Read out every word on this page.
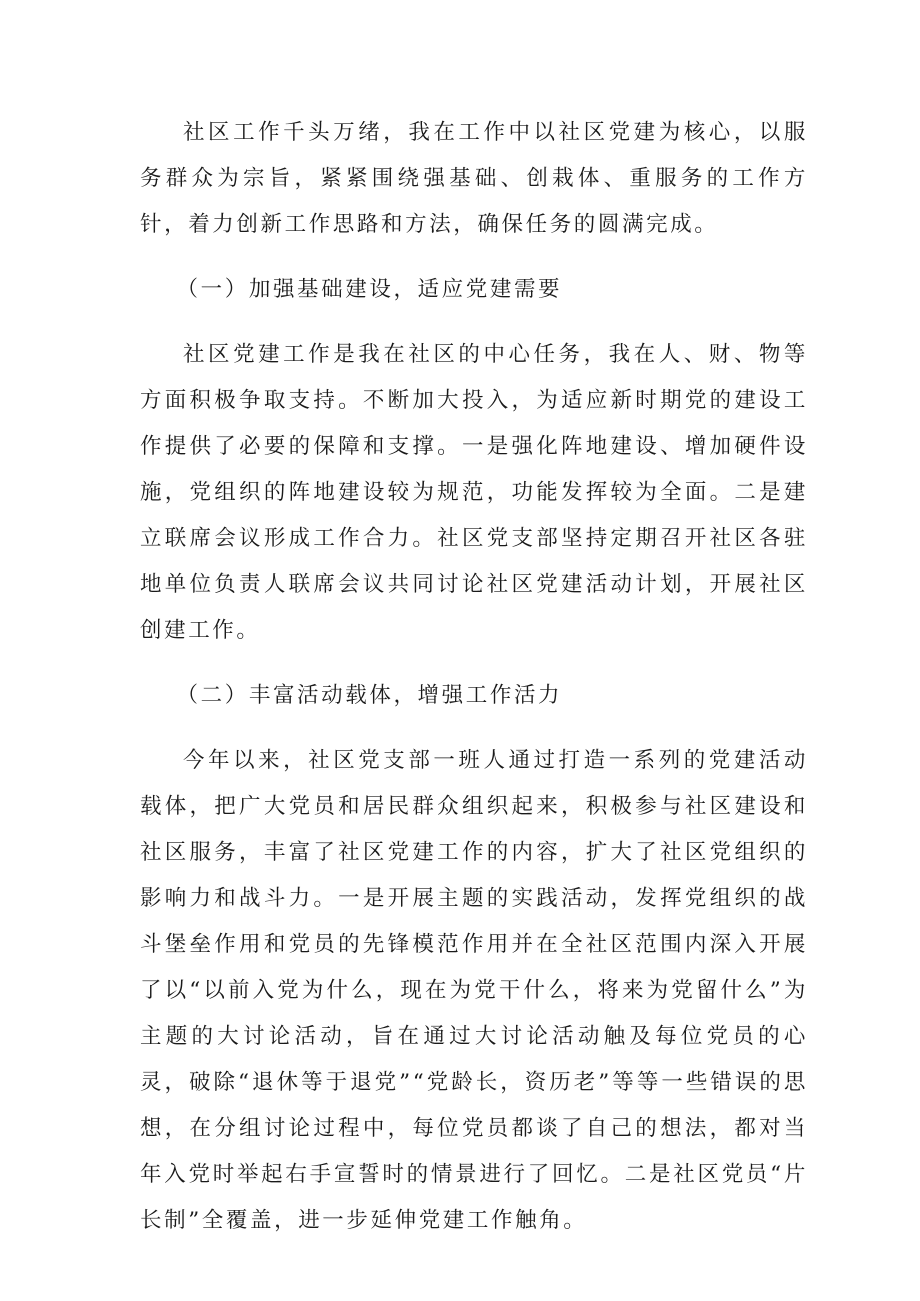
社区工作千头万绪，我在工作中以社区党建为核心，以服务群众为宗旨，紧紧围绕强基础、创栽体、重服务的工作方针，着力创新工作思路和方法，确保任务的圆满完成。

（一）加强基础建设，适应党建需要

社区党建工作是我在社区的中心任务，我在人、财、物等方面积极争取支持。不断加大投入，为适应新时期党的建设工作提供了必要的保障和支撑。一是强化阵地建设、增加硬件设施，党组织的阵地建设较为规范，功能发挥较为全面。二是建立联席会议形成工作合力。社区党支部坚持定期召开社区各驻地单位负责人联席会议共同讨论社区党建活动计划，开展社区创建工作。

（二）丰富活动载体，增强工作活力

今年以来，社区党支部一班人通过打造一系列的党建活动载体，把广大党员和居民群众组织起来，积极参与社区建设和社区服务，丰富了社区党建工作的内容，扩大了社区党组织的影响力和战斗力。一是开展主题的实践活动，发挥党组织的战斗堡垒作用和党员的先锋模范作用并在全社区范围内深入开展了以“以前入党为什么，现在为党干什么，将来为党留什么”为主题的大讨论活动，旨在通过大讨论活动触及每位党员的心灵，破除“退休等于退党”“党龄长，资历老”等等一些错误的思想，在分组讨论过程中，每位党员都谈了自己的想法，都对当年入党时举起右手宣誓时的情景进行了回忆。二是社区党员“片长制”全覆盖，进一步延伸党建工作触角。
